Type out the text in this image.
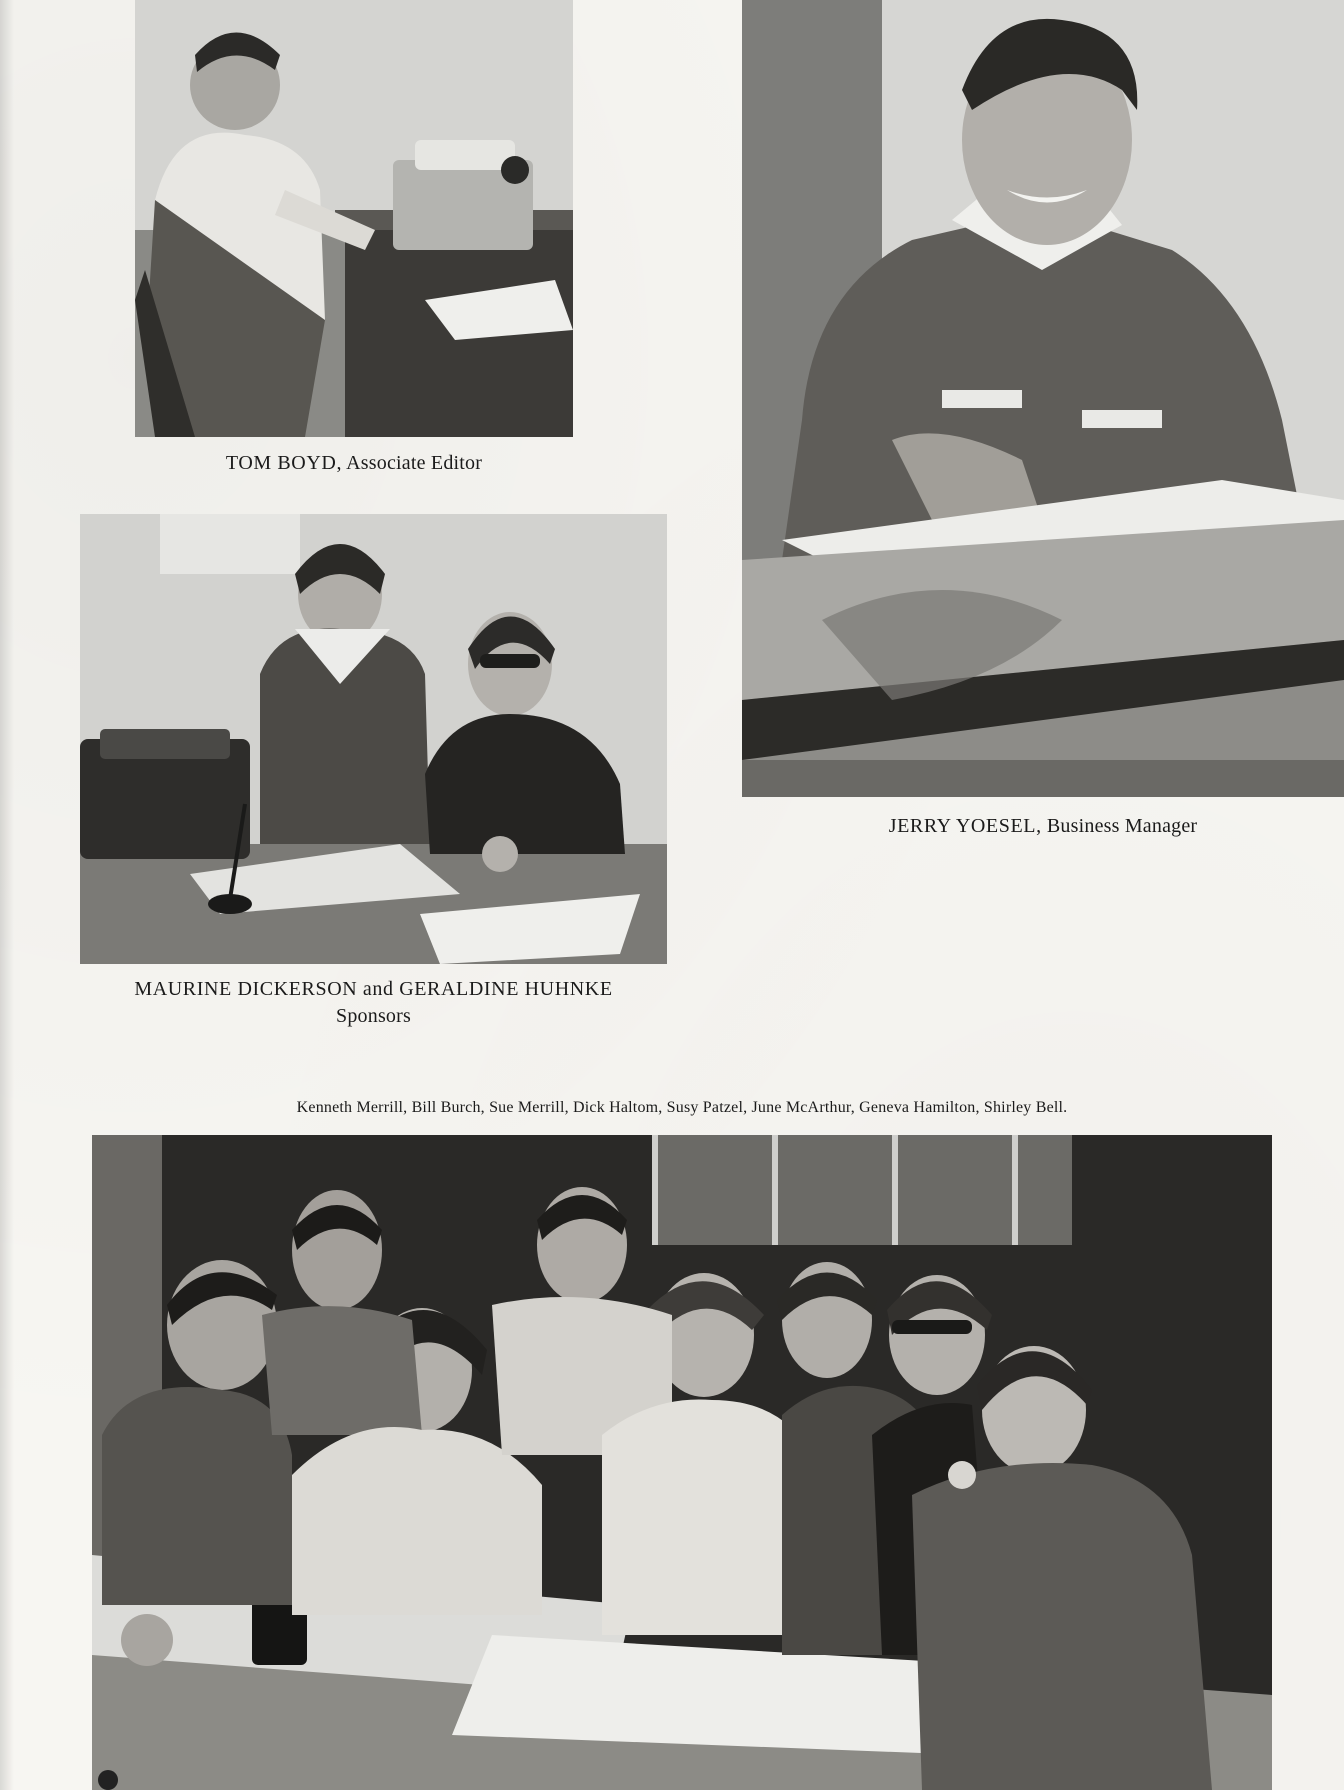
TOM BOYD, Associate Editor
JERRY YOESEL, Business Manager
MAURINE DICKERSON and GERALDINE HUHNKE
Sponsors
Kenneth Merrill, Bill Burch, Sue Merrill, Dick Haltom, Susy Patzel, June McArthur, Geneva Hamilton, Shirley Bell.
